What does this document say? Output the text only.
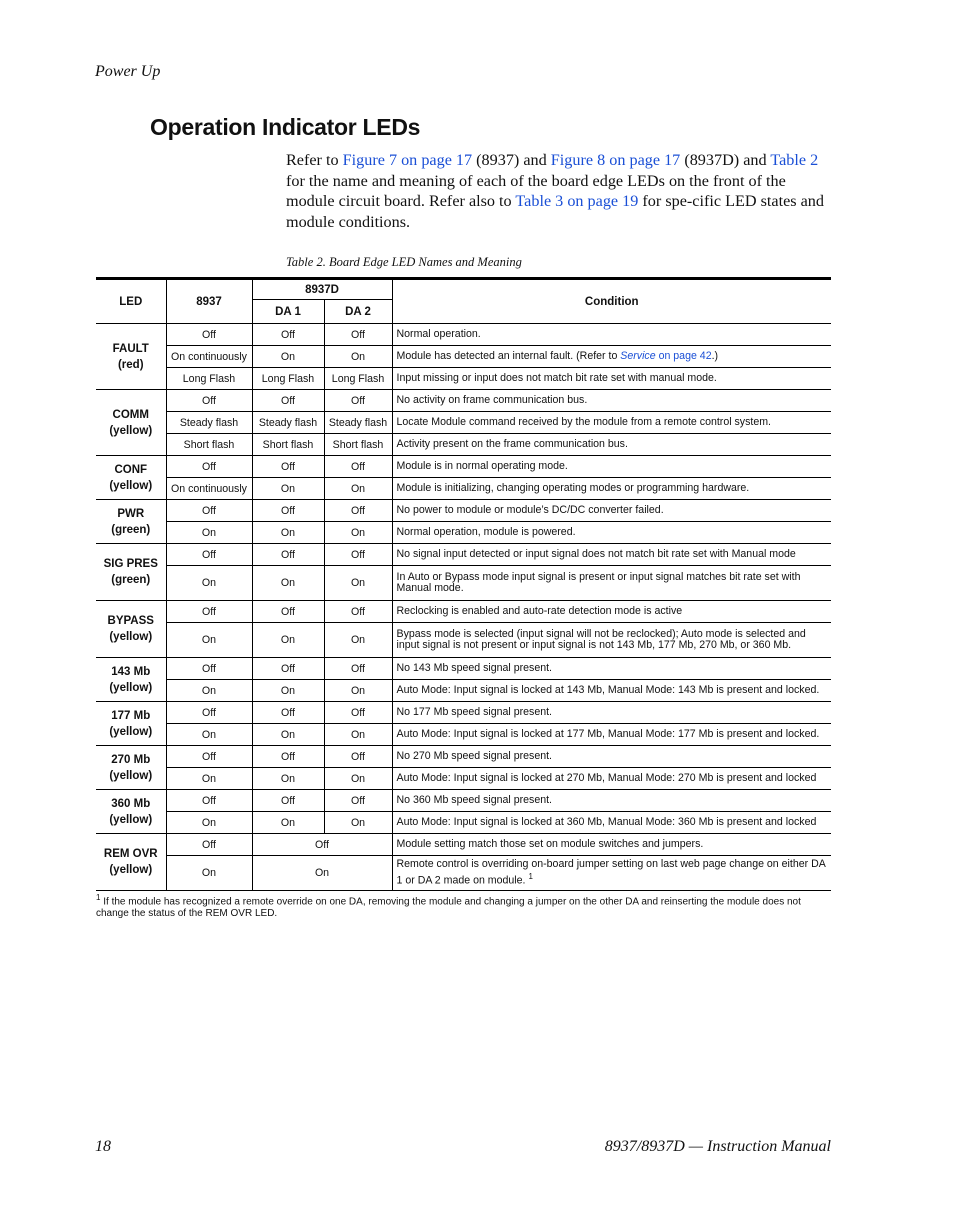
Power Up
Operation Indicator LEDs

Refer to Figure 7 on page 17 (8937) and Figure 8 on page 17 (8937D) and Table 2 for the name and meaning of each of the board edge LEDs on the front of the module circuit board. Refer also to Table 3 on page 19 for spe-cific LED states and module conditions.

Table 2. Board Edge LED Names and Meaning
LED	8937	8937D		Condition
		DA 1	DA 2	
FAULT
(red)	Off	Off	Off	Normal operation.
	On continuously	On	On	Module has detected an internal fault. (Refer to Service on page 42.)
	Long Flash	Long Flash	Long Flash	Input missing or input does not match bit rate set with manual mode.
COMM
(yellow)	Off	Off	Off	No activity on frame communication bus.
	Steady flash	Steady flash	Steady flash	Locate Module command received by the module from a remote control system.
	Short flash	Short flash	Short flash	Activity present on the frame communication bus.
CONF
(yellow)	Off	Off	Off	Module is in normal operating mode.
	On continuously	On	On	Module is initializing, changing operating modes or programming hardware.
PWR
(green)	Off	Off	Off	No power to module or module’s DC/DC converter failed.
	On	On	On	Normal operation, module is powered.
SIG PRES
(green)	Off	Off	Off	No signal input detected or input signal does not match bit rate set with Manual mode
	On	On	On	In Auto or Bypass mode input signal is present or input signal matches bit rate set with Manual mode.
BYPASS
(yellow)	Off	Off	Off	Reclocking is enabled and auto-rate detection mode is active
	On	On	On	Bypass mode is selected (input signal will not be reclocked); Auto mode is selected and input signal is not present or input signal is not 143 Mb, 177 Mb, 270 Mb, or 360 Mb.
143 Mb
(yellow)	Off	Off	Off	No 143 Mb speed signal present.
	On	On	On	Auto Mode: Input signal is locked at 143 Mb, Manual Mode: 143 Mb is present and locked.
177 Mb
(yellow)	Off	Off	Off	No 177 Mb speed signal present.
	On	On	On	Auto Mode: Input signal is locked at 177 Mb, Manual Mode: 177 Mb is present and locked.
270 Mb
(yellow)	Off	Off	Off	No 270 Mb speed signal present.
	On	On	On	Auto Mode: Input signal is locked at 270 Mb, Manual Mode: 270 Mb is present and locked
360 Mb
(yellow)	Off	Off	Off	No 360 Mb speed signal present.
	On	On	On	Auto Mode: Input signal is locked at 360 Mb, Manual Mode: 360 Mb is present and locked
REM OVR
(yellow)	Off	Off		Module setting match those set on module switches and jumpers.
	On	On		Remote control is overriding on-board jumper setting on last web page change on either DA 1 or DA 2 made on module. $^1$
$^1$ If the module has recognized a remote override on one DA, removing the module and changing a jumper on the other DA and reinserting the module does not change the status of the REM OVR LED.
18	8937/8937D — Instruction Manual
